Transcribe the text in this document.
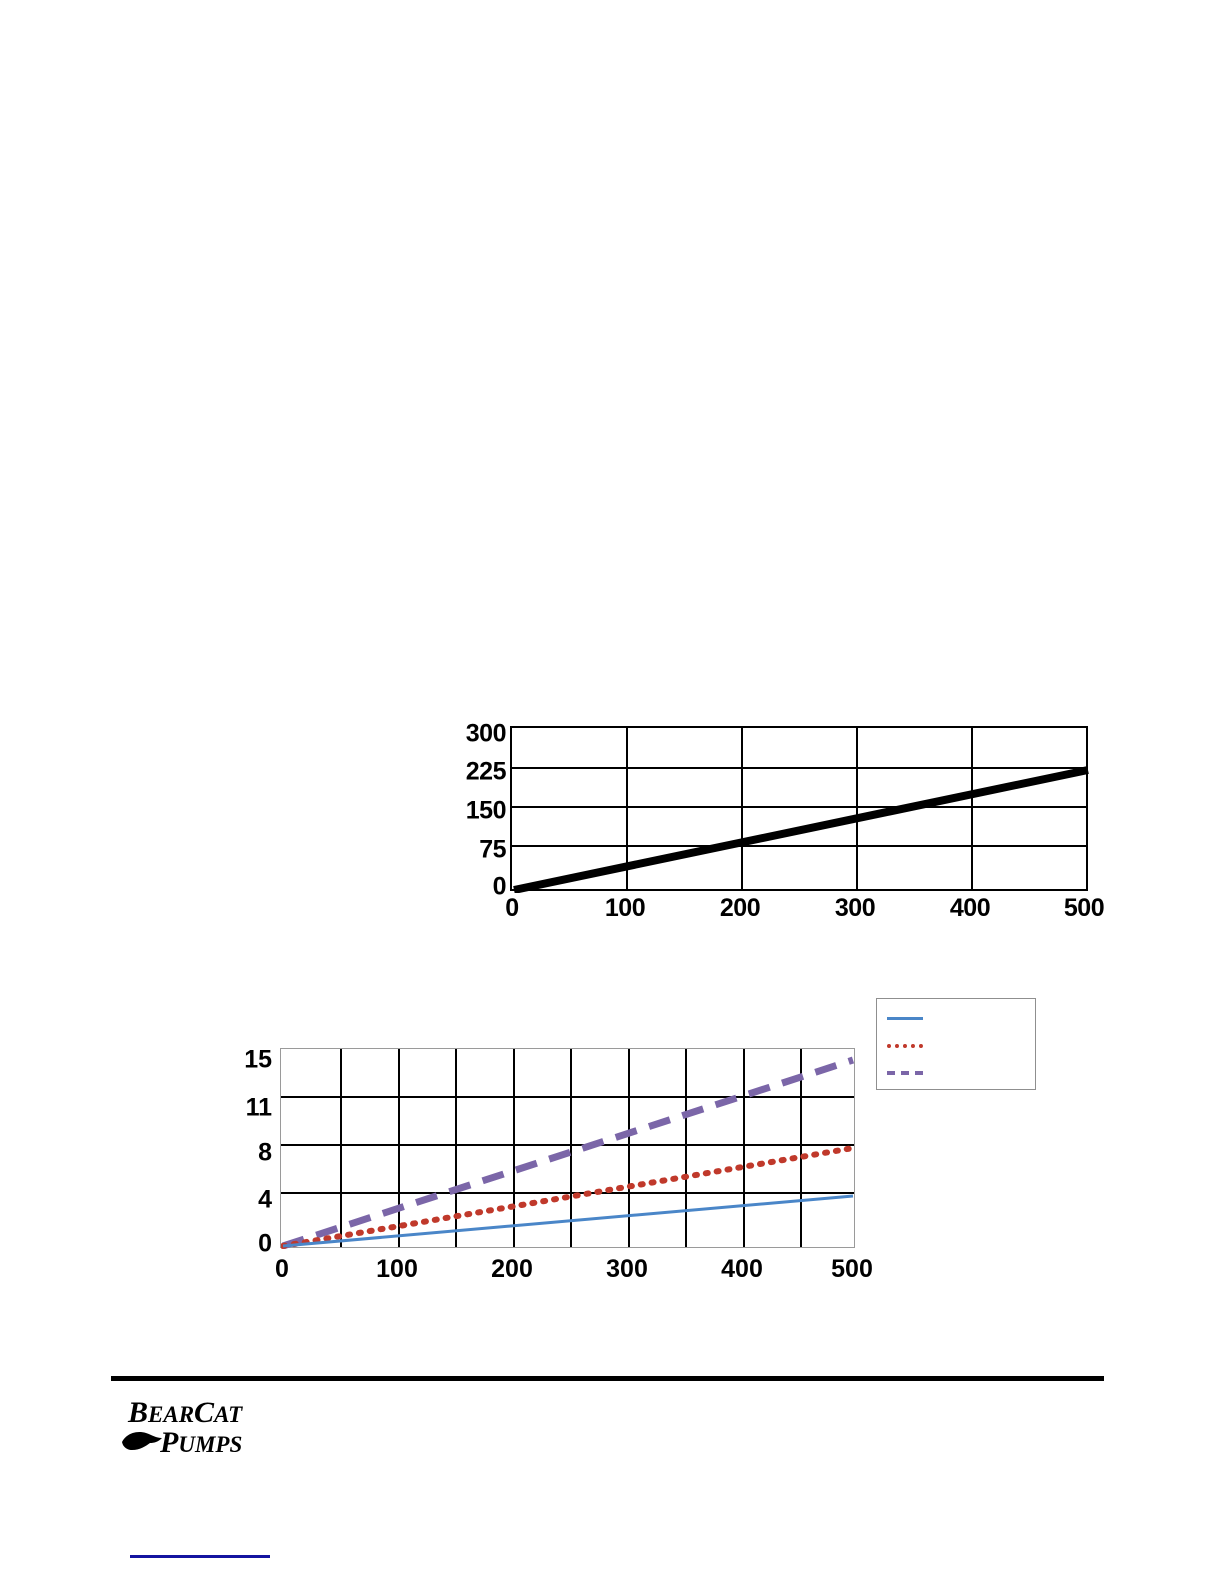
300
225
150
75
0
0	100	200	300	400	500
15
11
8
4
0
0	100	200	300	400	500
BEARCAT
PUMPS
